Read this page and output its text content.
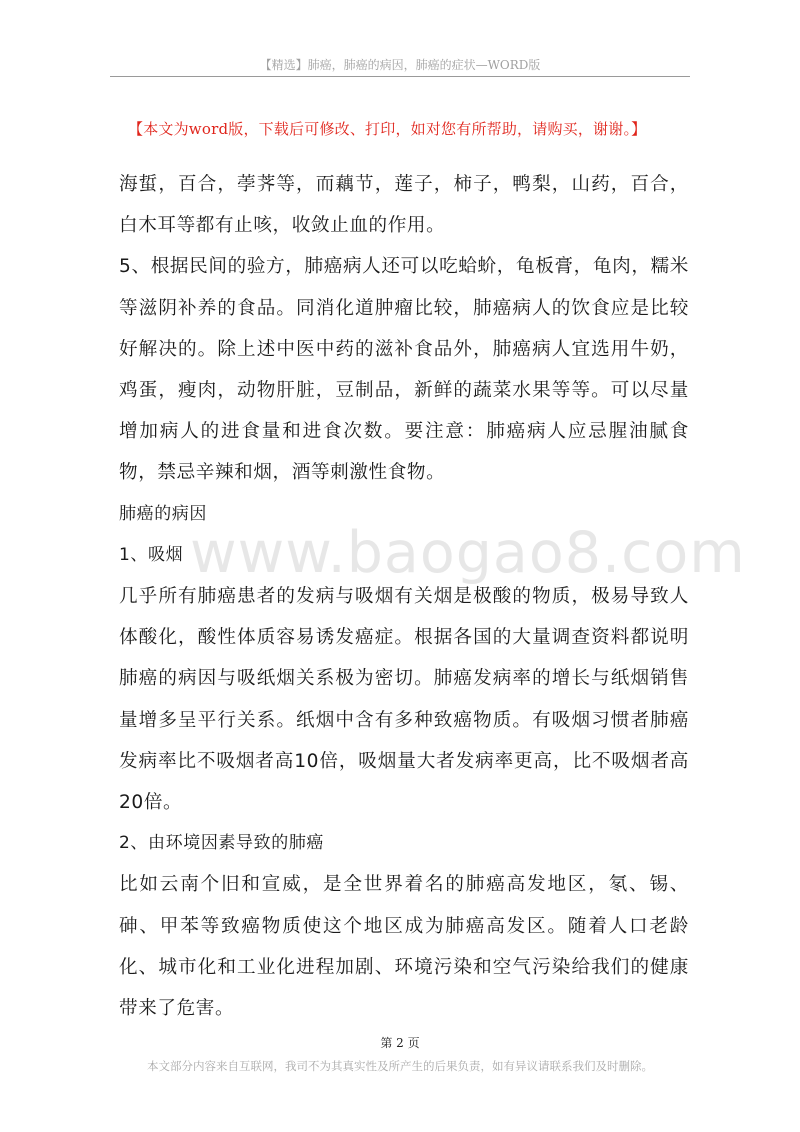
【精选】肺癌，肺癌的病因，肺癌的症状—WORD版
【本文为word版，下载后可修改、打印，如对您有所帮助，请购买，谢谢。】
www.baogao8.com

海蜇，百合，荸荠等，而藕节，莲子，柿子，鸭梨，山药，百合，白木耳等都有止咳，收敛止血的作用。

5、根据民间的验方，肺癌病人还可以吃蛤蚧，龟板膏，龟肉，糯米等滋阴补养的食品。同消化道肿瘤比较，肺癌病人的饮食应是比较好解决的。除上述中医中药的滋补食品外，肺癌病人宜选用牛奶，鸡蛋，瘦肉，动物肝脏，豆制品，新鲜的蔬菜水果等等。可以尽量增加病人的进食量和进食次数。要注意：肺癌病人应忌腥油腻食物，禁忌辛辣和烟，酒等刺激性食物。

肺癌的病因

1、吸烟

几乎所有肺癌患者的发病与吸烟有关烟是极酸的物质，极易导致人体酸化，酸性体质容易诱发癌症。根据各国的大量调查资料都说明肺癌的病因与吸纸烟关系极为密切。肺癌发病率的增长与纸烟销售量增多呈平行关系。纸烟中含有多种致癌物质。有吸烟习惯者肺癌发病率比不吸烟者高10倍，吸烟量大者发病率更高，比不吸烟者高20倍。

2、由环境因素导致的肺癌

比如云南个旧和宣威，是全世界着名的肺癌高发地区，氡、锡、砷、甲苯等致癌物质使这个地区成为肺癌高发区。随着人口老龄化、城市化和工业化进程加剧、环境污染和空气污染给我们的健康带来了危害。

第 2 页
本文部分内容来自互联网，我司不为其真实性及所产生的后果负责，如有异议请联系我们及时删除。
